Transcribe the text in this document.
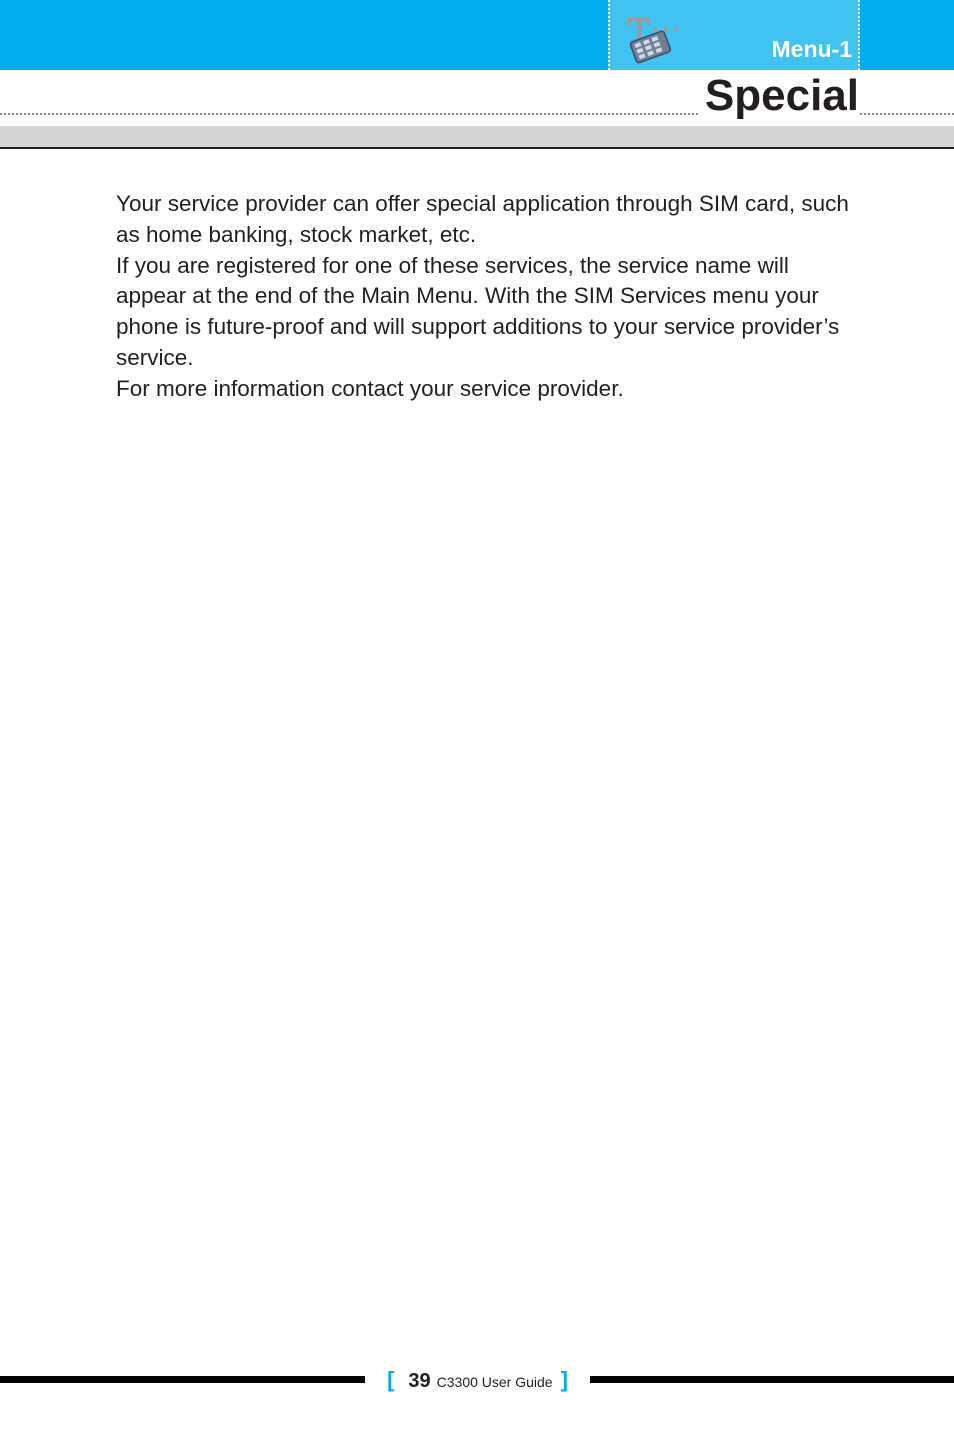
Menu-1
Special

Your service provider can offer special application through SIM card, such as home banking, stock market, etc.

If you are registered for one of these services, the service name will appear at the end of the Main Menu. With the SIM Services menu your phone is future-proof and will support additions to your service provider’s service.

For more information contact your service provider.

[ 39 C3300 User Guide ]
